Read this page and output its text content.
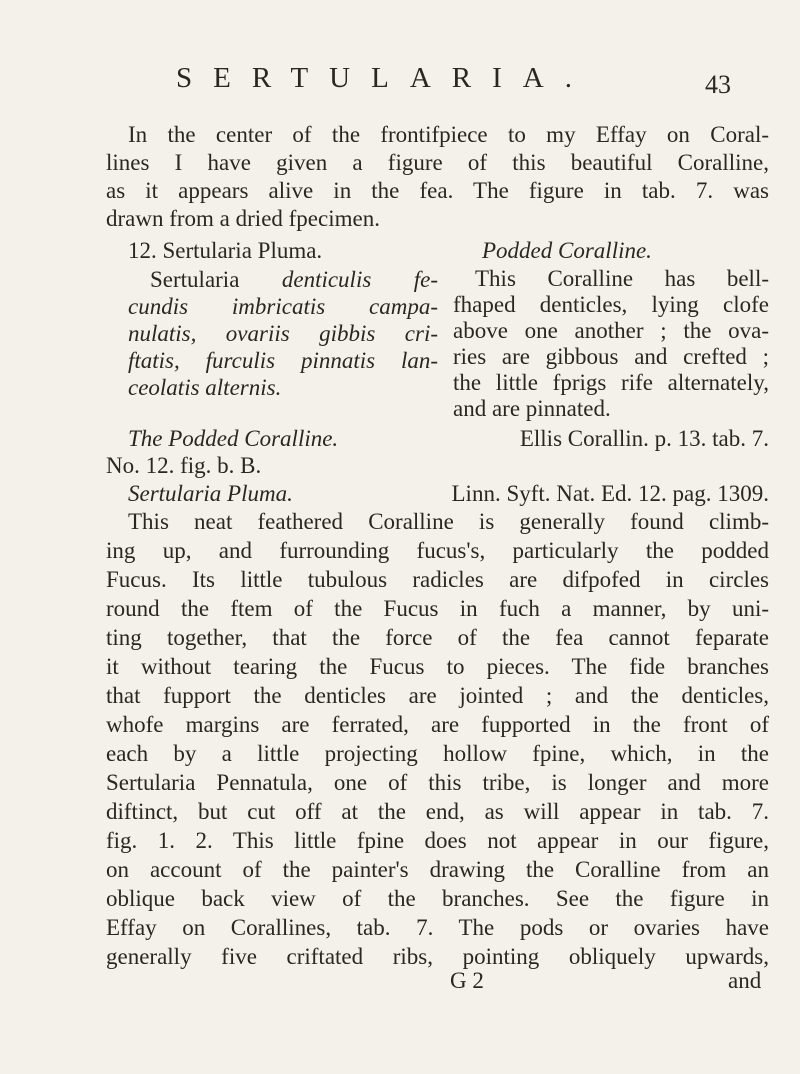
SERTULARIA.	43
In the center of the frontifpiece to my Effay on Coral-
lines I have given a figure of this beautiful Coralline,
as it appears alive in the fea. The figure in tab. 7. was
drawn from a dried fpecimen.
12. Sertularia Pluma.	Podded Coralline.
Sertularia denticulis fe-
cundis imbricatis campa-
nulatis, ovariis gibbis cri-
ftatis, furculis pinnatis lan-
ceolatis alternis.
This Coralline has bell-
fhaped denticles, lying clofe
above one another ; the ova-
ries are gibbous and crefted ;
the little fprigs rife alternately,
and are pinnated.
The Podded Coralline.	Ellis Corallin. p. 13. tab. 7.
No. 12. fig. b. B.
Sertularia Pluma.	Linn. Syft. Nat. Ed. 12. pag. 1309.
This neat feathered Coralline is generally found climb-
ing up, and furrounding fucus's, particularly the podded
Fucus. Its little tubulous radicles are difpofed in circles
round the ftem of the Fucus in fuch a manner, by uni-
ting together, that the force of the fea cannot feparate
it without tearing the Fucus to pieces. The fide branches
that fupport the denticles are jointed ; and the denticles,
whofe margins are ferrated, are fupported in the front of
each by a little projecting hollow fpine, which, in the
Sertularia Pennatula, one of this tribe, is longer and more
diftinct, but cut off at the end, as will appear in tab. 7.
fig. 1. 2. This little fpine does not appear in our figure,
on account of the painter's drawing the Coralline from an
oblique back view of the branches. See the figure in
Effay on Corallines, tab. 7. The pods or ovaries have
generally five criftated ribs, pointing obliquely upwards,
G 2	and
